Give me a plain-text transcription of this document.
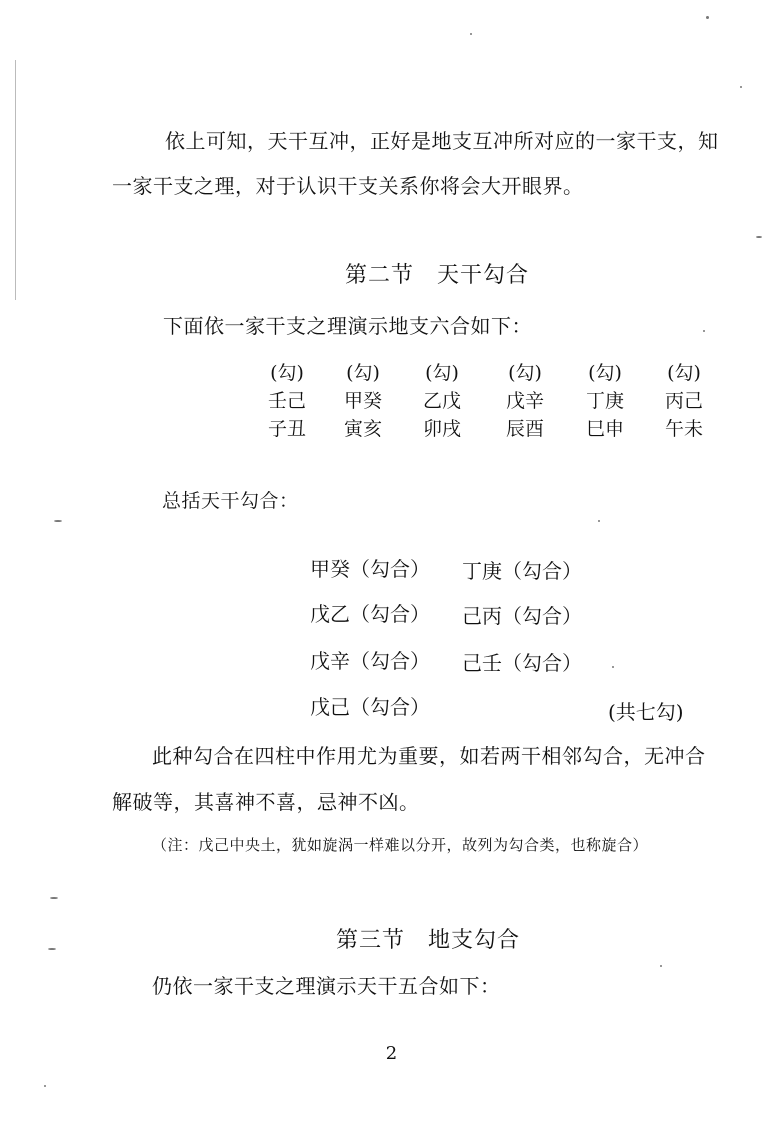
依上可知，天干互冲，正好是地支互冲所对应的一家干支，知
一家干支之理，对于认识干支关系你将会大开眼界。
第二节　天干勾合
下面依一家干支之理演示地支六合如下：
(勾)	(勾)	(勾)	(勾)	(勾)	(勾)
壬己	甲癸	乙戊	戊辛	丁庚	丙己
子丑	寅亥	卯戌	辰酉	巳申	午未
总括天干勾合：
甲癸（勾合） 丁庚（勾合）
戊乙（勾合） 己丙（勾合）
戊辛（勾合） 己壬（勾合）
戊己（勾合）	(共七勾)
此种勾合在四柱中作用尤为重要，如若两干相邻勾合，无冲合
解破等，其喜神不喜，忌神不凶。
（注：戊己中央土，犹如旋涡一样难以分开，故列为勾合类，也称旋合）
第三节　地支勾合
仍依一家干支之理演示天干五合如下：
2
